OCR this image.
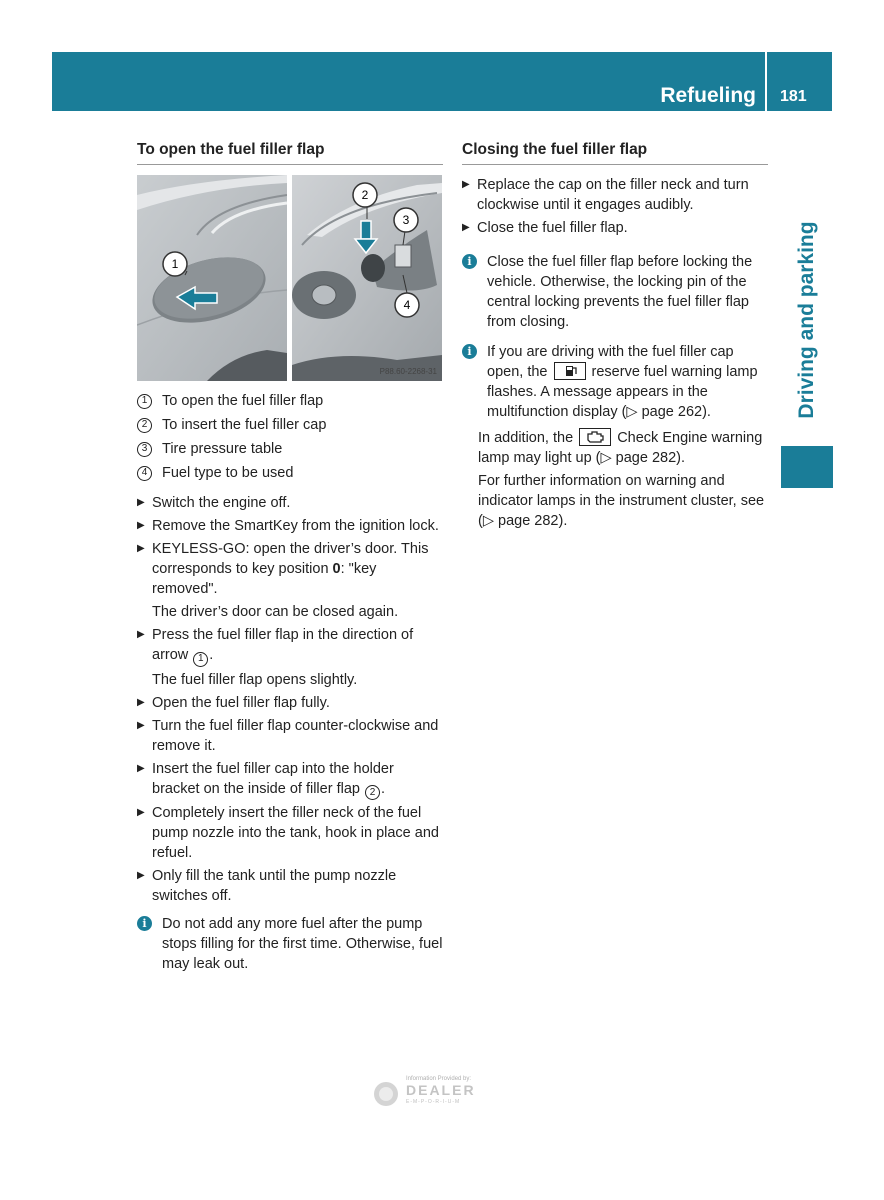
Refueling 181
Driving and parking
To open the fuel filler flap
1
2
3
4
P88.60-2268-31
1	To open the fuel filler flap
2	To insert the fuel filler cap
3	Tire pressure table
4	Fuel type to be used
▶ Switch the engine off.
▶ Remove the SmartKey from the ignition lock.
▶ KEYLESS-GO: open the driver’s door. This corresponds to key position 0: "key removed".
The driver’s door can be closed again.
▶ Press the fuel filler flap in the direction of arrow 1 .
The fuel filler flap opens slightly.
▶ Open the fuel filler flap fully.
▶ Turn the fuel filler flap counter-clockwise and remove it.
▶ Insert the fuel filler cap into the holder bracket on the inside of filler flap 2 .
▶ Completely insert the filler neck of the fuel pump nozzle into the tank, hook in place and refuel.
▶ Only fill the tank until the pump nozzle switches off.
i	Do not add any more fuel after the pump stops filling for the first time. Otherwise, fuel may leak out.
Closing the fuel filler flap
▶ Replace the cap on the filler neck and turn clockwise until it engages audibly.
▶ Close the fuel filler flap.
i	Close the fuel filler flap before locking the vehicle. Otherwise, the locking pin of the central locking prevents the fuel filler flap from closing.
i	If you are driving with the fuel filler cap open, the  reserve fuel warning lamp flashes. A message appears in the multifunction display (▷ page 262).
In addition, the  Check Engine warning lamp may light up (▷ page 282).
For further information on warning and indicator lamps in the instrument cluster, see (▷ page 282).
Information Provided by:
DEALER
E-M-P-O-R-I-U-M
